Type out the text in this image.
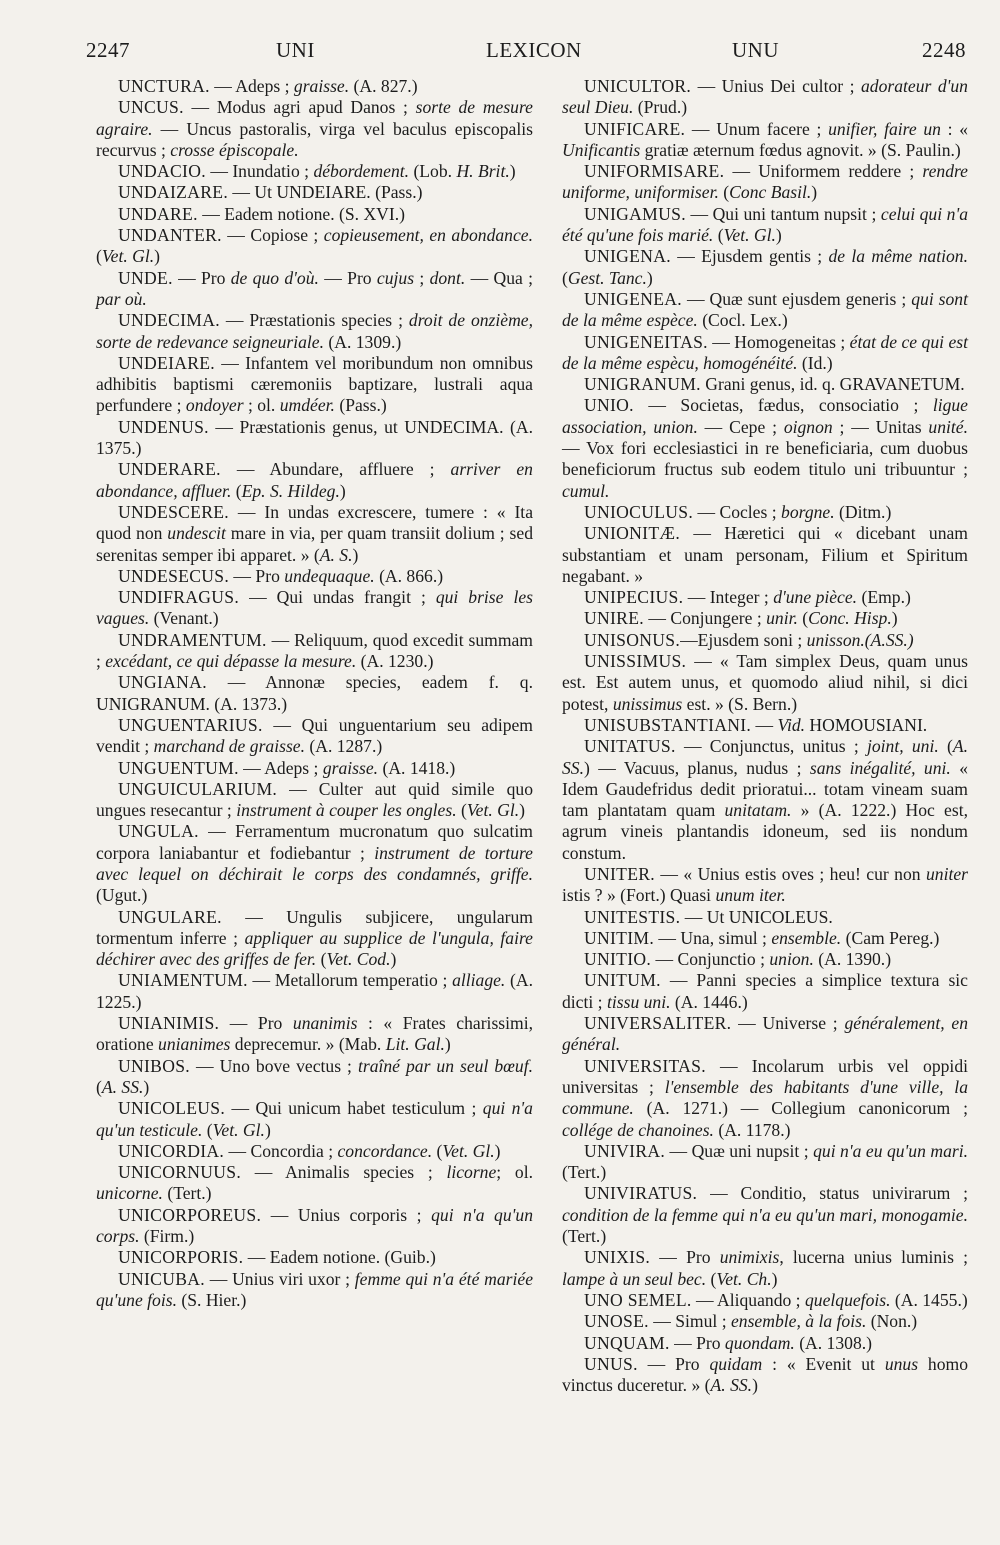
2247	UNI	LEXICON	UNU	2248

UNCTURA. — Adeps ; graisse. (A. 827.)

UNCUS. — Modus agri apud Danos ; sorte de mesure agraire. — Uncus pastoralis, virga vel baculus episcopalis recurvus ; crosse épiscopale.

UNDACIO. — Inundatio ; débordement. (Lob. H. Brit.)

UNDAIZARE. — Ut UNDEIARE. (Pass.)

UNDARE. — Eadem notione. (S. XVI.)

UNDANTER. — Copiose ; copieusement, en abondance. (Vet. Gl.)

UNDE. — Pro de quo d'où. — Pro cujus ; dont. — Qua ; par où.

UNDECIMA. — Præstationis species ; droit de onzième, sorte de redevance seigneuriale. (A. 1309.)

UNDEIARE. — Infantem vel moribundum non omnibus adhibitis baptismi cæremoniis baptizare, lustrali aqua perfundere ; ondoyer ; ol. umdéer. (Pass.)

UNDENUS. — Præstationis genus, ut UNDECIMA. (A. 1375.)

UNDERARE. — Abundare, affluere ; arriver en abondance, affluer. (Ep. S. Hildeg.)

UNDESCERE. — In undas excrescere, tumere : « Ita quod non undescit mare in via, per quam transiit dolium ; sed serenitas semper ibi apparet. » (A. S.)

UNDESECUS. — Pro undequaque. (A. 866.)

UNDIFRAGUS. — Qui undas frangit ; qui brise les vagues. (Venant.)

UNDRAMENTUM. — Reliquum, quod excedit summam ; excédant, ce qui dépasse la mesure. (A. 1230.)

UNGIANA. — Annonæ species, eadem f. q. UNIGRANUM. (A. 1373.)

UNGUENTARIUS. — Qui unguentarium seu adipem vendit ; marchand de graisse. (A. 1287.)

UNGUENTUM. — Adeps ; graisse. (A. 1418.)

UNGUICULARIUM. — Culter aut quid simile quo ungues resecantur ; instrument à couper les ongles. (Vet. Gl.)

UNGULA. — Ferramentum mucronatum quo sulcatim corpora laniabantur et fodiebantur ; instrument de torture avec lequel on déchirait le corps des condamnés, griffe. (Ugut.)

UNGULARE. — Ungulis subjicere, ungularum tormentum inferre ; appliquer au supplice de l'ungula, faire déchirer avec des griffes de fer. (Vet. Cod.)

UNIAMENTUM. — Metallorum temperatio ; alliage. (A. 1225.)

UNIANIMIS. — Pro unanimis : « Frates charissimi, oratione unianimes deprecemur. » (Mab. Lit. Gal.)

UNIBOS. — Uno bove vectus ; traîné par un seul bœuf. (A. SS.)

UNICOLEUS. — Qui unicum habet testiculum ; qui n'a qu'un testicule. (Vet. Gl.)

UNICORDIA. — Concordia ; concordance. (Vet. Gl.)

UNICORNUUS. — Animalis species ; licorne; ol. unicorne. (Tert.)

UNICORPOREUS. — Unius corporis ; qui n'a qu'un corps. (Firm.)

UNICORPORIS. — Eadem notione. (Guib.)

UNICUBA. — Unius viri uxor ; femme qui n'a été mariée qu'une fois. (S. Hier.)

UNICULTOR. — Unius Dei cultor ; adorateur d'un seul Dieu. (Prud.)

UNIFICARE. — Unum facere ; unifier, faire un : « Unificantis gratiæ æternum fœdus agnovit. » (S. Paulin.)

UNIFORMISARE. — Uniformem reddere ; rendre uniforme, uniformiser. (Conc Basil.)

UNIGAMUS. — Qui uni tantum nupsit ; celui qui n'a été qu'une fois marié. (Vet. Gl.)

UNIGENA. — Ejusdem gentis ; de la même nation. (Gest. Tanc.)

UNIGENEA. — Quæ sunt ejusdem generis ; qui sont de la même espèce. (Cocl. Lex.)

UNIGENEITAS. — Homogeneitas ; état de ce qui est de la même espècu, homogénéité. (Id.)

UNIGRANUM. Grani genus, id. q. GRAVANETUM.

UNIO. — Societas, fædus, consociatio ; ligue association, union. — Cepe ; oignon ; — Unitas unité. — Vox fori ecclesiastici in re beneficiaria, cum duobus beneficiorum fructus sub eodem titulo uni tribuuntur ; cumul.

UNIOCULUS. — Cocles ; borgne. (Ditm.)

UNIONITÆ. — Hæretici qui « dicebant unam substantiam et unam personam, Filium et Spiritum negabant. »

UNIPECIUS. — Integer ; d'une pièce. (Emp.)

UNIRE. — Conjungere ; unir. (Conc. Hisp.)

UNISONUS.—Ejusdem soni ; unisson.(A.SS.)

UNISSIMUS. — « Tam simplex Deus, quam unus est. Est autem unus, et quomodo aliud nihil, si dici potest, unissimus est. » (S. Bern.)

UNISUBSTANTIANI. — Vid. HOMOUSIANI.

UNITATUS. — Conjunctus, unitus ; joint, uni. (A. SS.) — Vacuus, planus, nudus ; sans inégalité, uni. « Idem Gaudefridus dedit prioratui... totam vineam suam tam plantatam quam unitatam. » (A. 1222.) Hoc est, agrum vineis plantandis idoneum, sed iis nondum constum.

UNITER. — « Unius estis oves ; heu! cur non uniter istis ? » (Fort.) Quasi unum iter.

UNITESTIS. — Ut UNICOLEUS.

UNITIM. — Una, simul ; ensemble. (Cam Pereg.)

UNITIO. — Conjunctio ; union. (A. 1390.)

UNITUM. — Panni species a simplice textura sic dicti ; tissu uni. (A. 1446.)

UNIVERSALITER. — Universe ; généralement, en général.

UNIVERSITAS. — Incolarum urbis vel oppidi universitas ; l'ensemble des habitants d'une ville, la commune. (A. 1271.) — Collegium canonicorum ; collége de chanoines. (A. 1178.)

UNIVIRA. — Quæ uni nupsit ; qui n'a eu qu'un mari. (Tert.)

UNIVIRATUS. — Conditio, status univirarum ; condition de la femme qui n'a eu qu'un mari, monogamie. (Tert.)

UNIXIS. — Pro unimixis, lucerna unius luminis ; lampe à un seul bec. (Vet. Ch.)

UNO SEMEL. — Aliquando ; quelquefois. (A. 1455.)

UNOSE. — Simul ; ensemble, à la fois. (Non.)

UNQUAM. — Pro quondam. (A. 1308.)

UNUS. — Pro quidam : « Evenit ut unus homo vinctus duceretur. » (A. SS.)
